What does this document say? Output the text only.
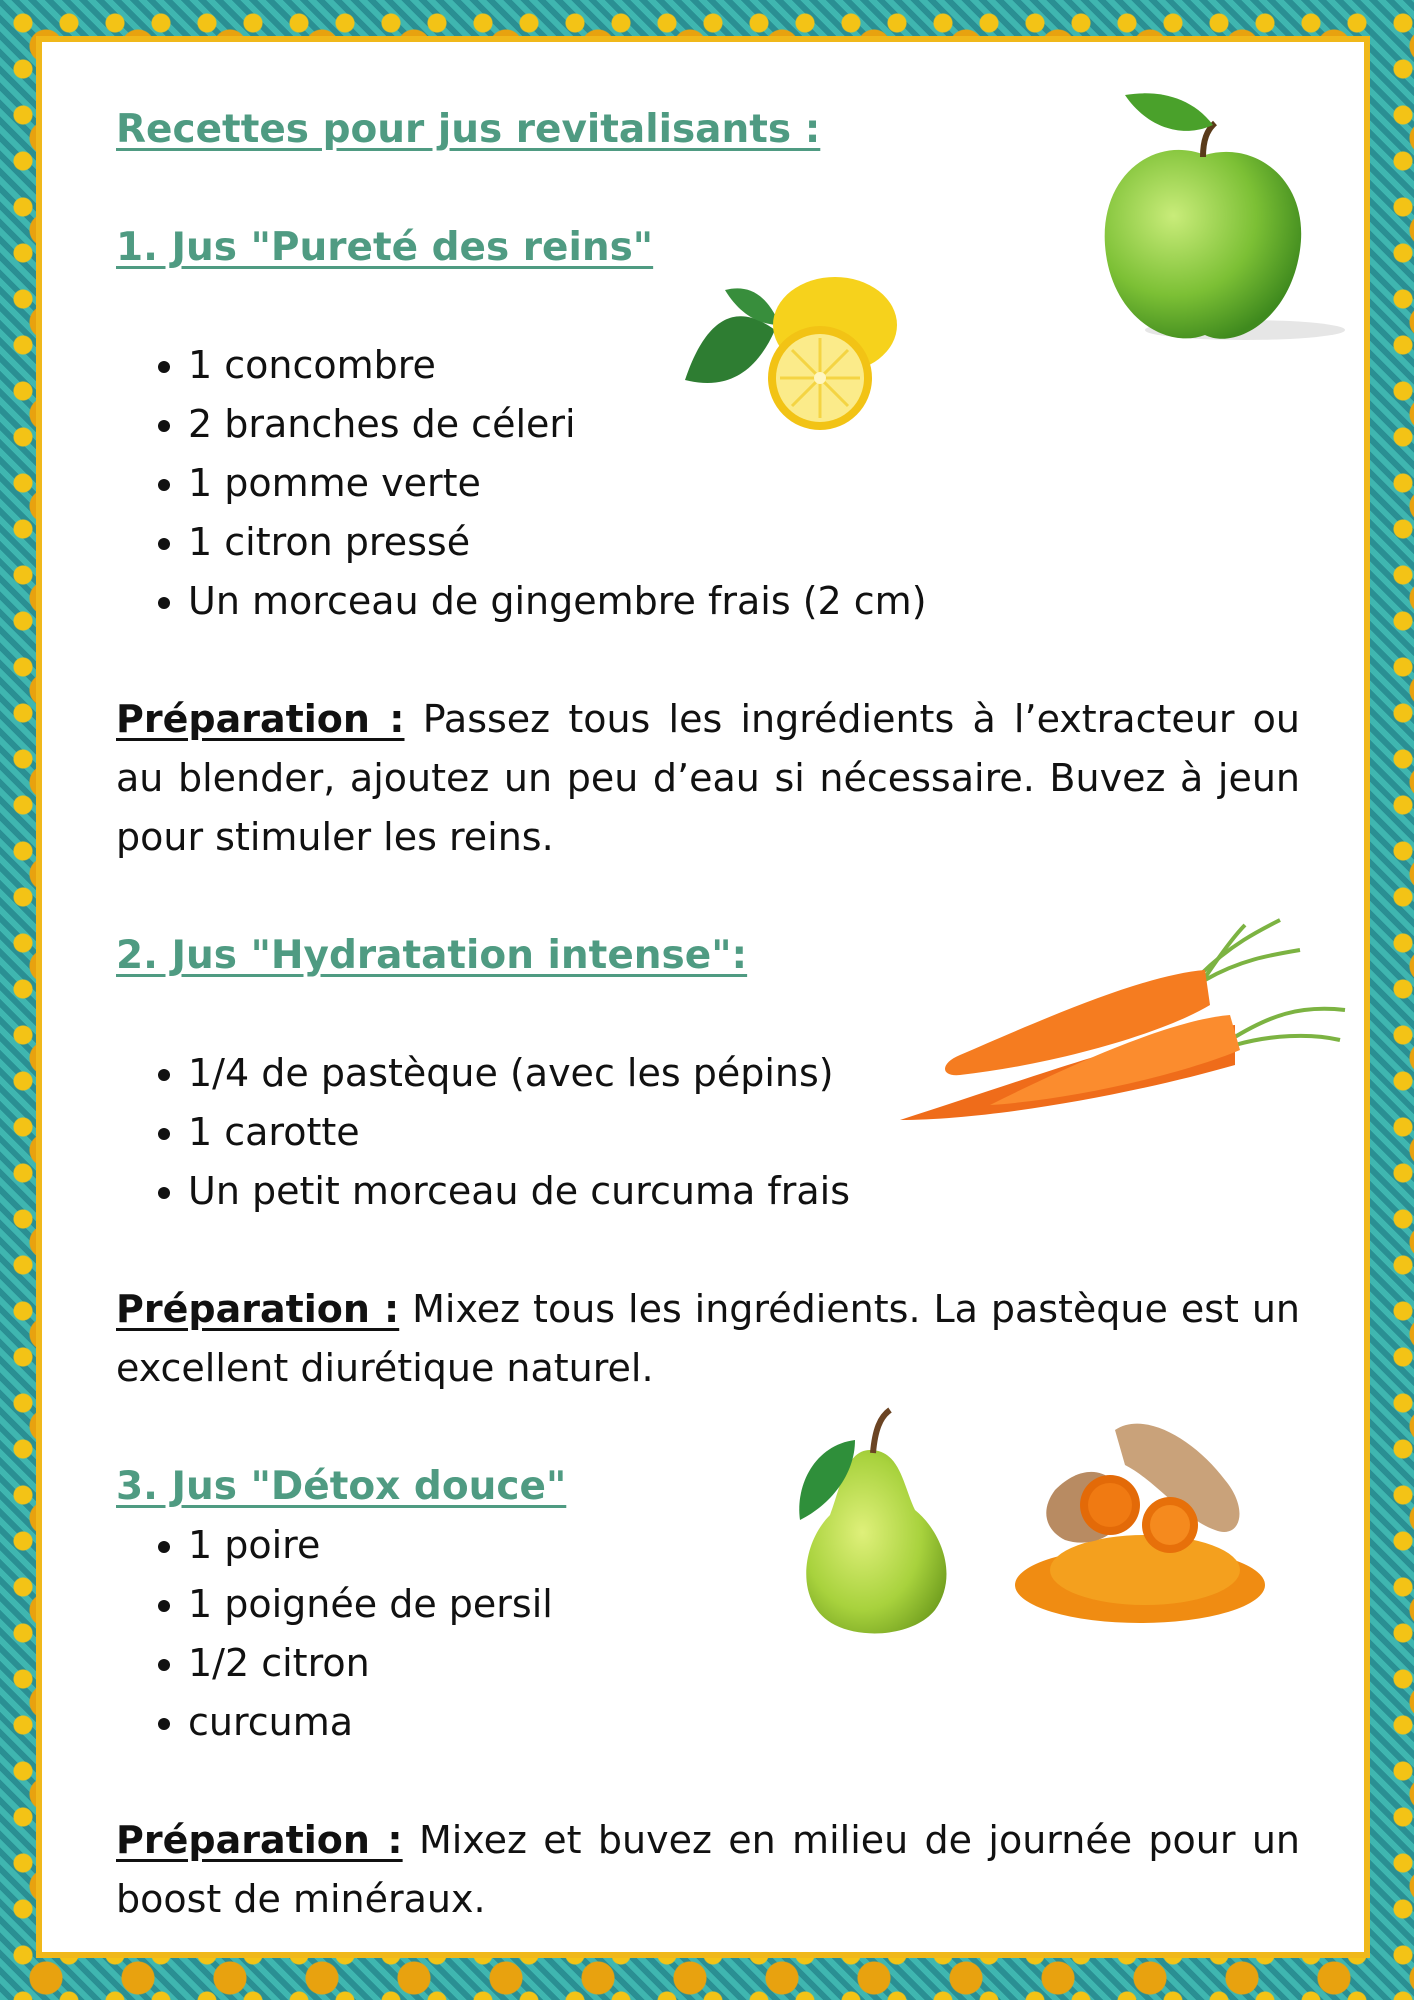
Recettes pour jus revitalisants :

1. Jus "Pureté des reins"

• 1 concombre
• 2 branches de céleri
• 1 pomme verte
• 1 citron pressé
• Un morceau de gingembre frais (2 cm)

Préparation : Passez tous les ingrédients à l’extracteur ou au blender, ajoutez un peu d’eau si nécessaire. Buvez à jeun pour stimuler les reins.

2. Jus "Hydratation intense":

• 1/4 de pastèque (avec les pépins)
• 1 carotte
• Un petit morceau de curcuma frais

Préparation : Mixez tous les ingrédients. La pastèque est un excellent diurétique naturel.

3. Jus "Détox douce"

• 1 poire
• 1 poignée de persil
• 1/2 citron
• curcuma

Préparation : Mixez et buvez en milieu de journée pour un boost de minéraux.
